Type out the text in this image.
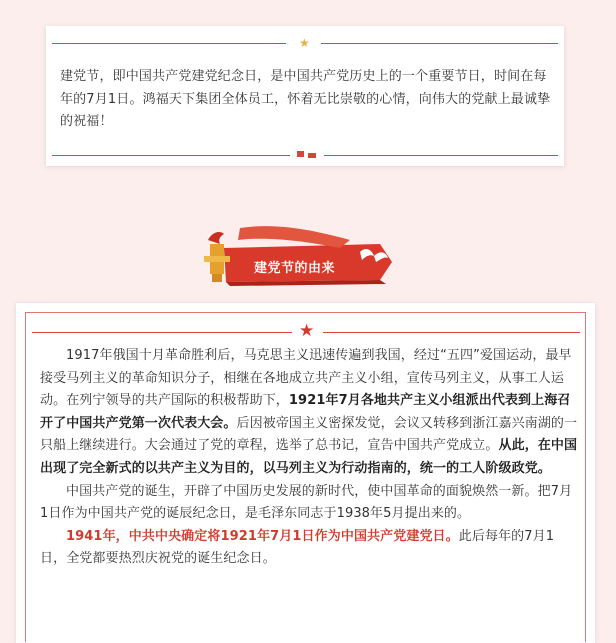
★

建党节，即中国共产党建党纪念日，是中国共产党历史上的一个重要节日，时间在每年的7月1日。鸿福天下集团全体员工，怀着无比崇敬的心情，向伟大的党献上最诚挚的祝福！

建党节的由来
★

1917年俄国十月革命胜利后，马克思主义迅速传遍到我国，经过“五四”爱国运动，最早接受马列主义的革命知识分子，相继在各地成立共产主义小组，宣传马列主义，从事工人运动。在列宁领导的共产国际的积极帮助下，1921年7月各地共产主义小组派出代表到上海召开了中国共产党第一次代表大会。后因被帝国主义密探发觉，会议又转移到浙江嘉兴南湖的一只船上继续进行。大会通过了党的章程，选举了总书记，宣告中国共产党成立。从此，在中国出现了完全新式的以共产主义为目的，以马列主义为行动指南的，统一的工人阶级政党。

中国共产党的诞生，开辟了中国历史发展的新时代，使中国革命的面貌焕然一新。把7月1日作为中国共产党的诞辰纪念日，是毛泽东同志于1938年5月提出来的。

1941年，中共中央确定将1921年7月1日作为中国共产党建党日。此后每年的7月1日，全党都要热烈庆祝党的诞生纪念日。
